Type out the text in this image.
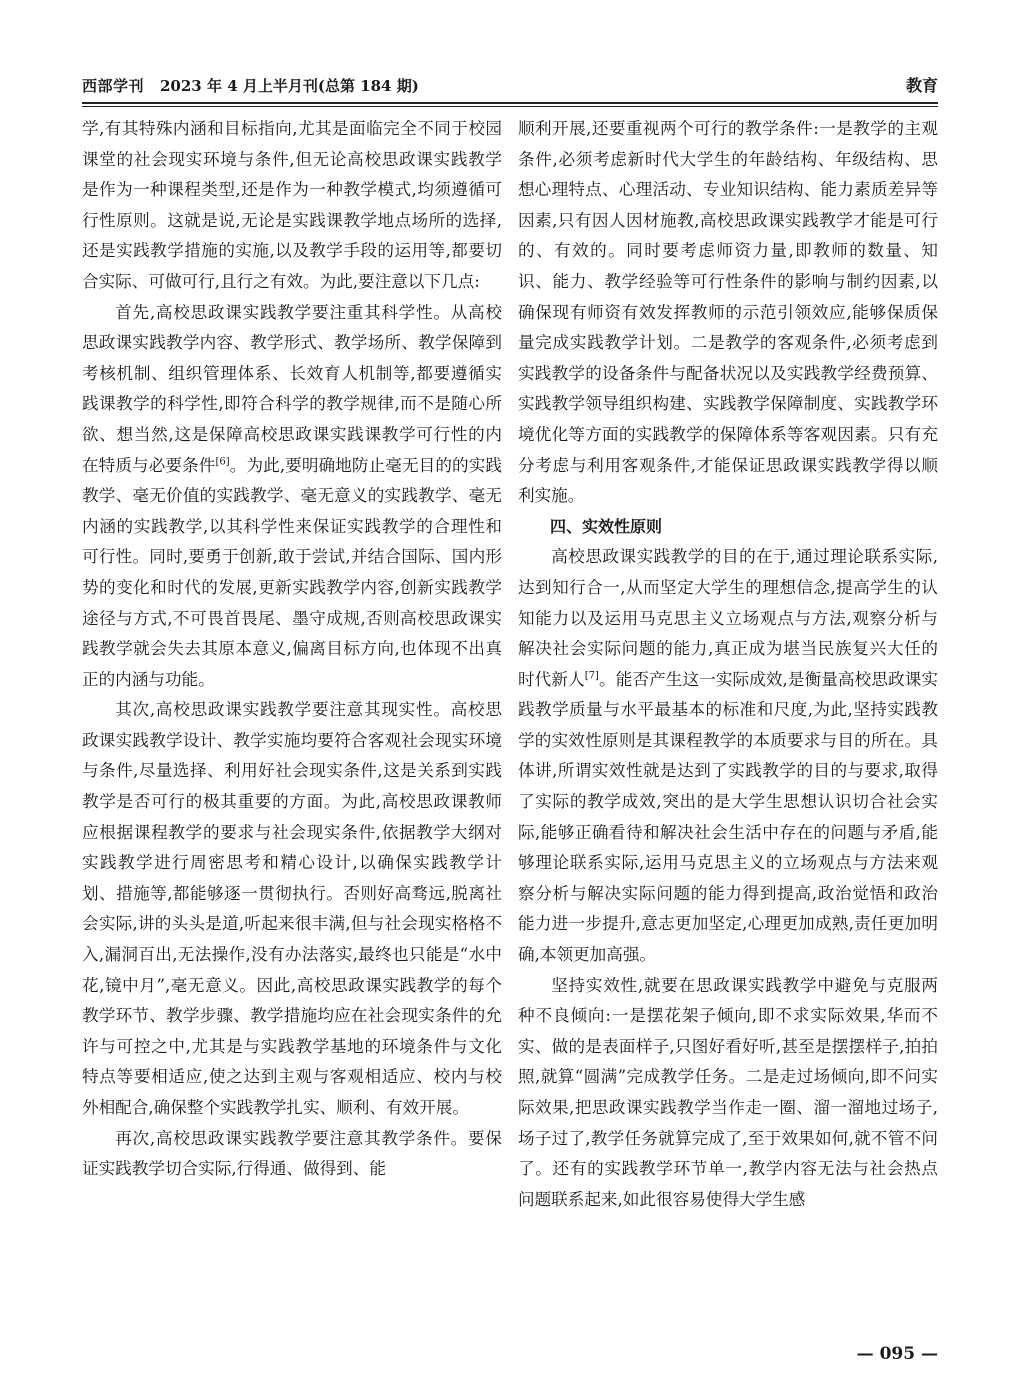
西部学刊 2023 年 4 月上半月刊(总第 184 期)	教育

学,有其特殊内涵和目标指向,尤其是面临完全不同于校园课堂的社会现实环境与条件,但无论高校思政课实践教学是作为一种课程类型,还是作为一种教学模式,均须遵循可行性原则。这就是说,无论是实践课教学地点场所的选择,还是实践教学措施的实施,以及教学手段的运用等,都要切合实际、可做可行,且行之有效。为此,要注意以下几点:

首先,高校思政课实践教学要注重其科学性。从高校思政课实践教学内容、教学形式、教学场所、教学保障到考核机制、组织管理体系、长效育人机制等,都要遵循实践课教学的科学性,即符合科学的教学规律,而不是随心所欲、想当然,这是保障高校思政课实践课教学可行性的内在特质与必要条件[6]。为此,要明确地防止毫无目的的实践教学、毫无价值的实践教学、毫无意义的实践教学、毫无内涵的实践教学,以其科学性来保证实践教学的合理性和可行性。同时,要勇于创新,敢于尝试,并结合国际、国内形势的变化和时代的发展,更新实践教学内容,创新实践教学途径与方式,不可畏首畏尾、墨守成规,否则高校思政课实践教学就会失去其原本意义,偏离目标方向,也体现不出真正的内涵与功能。

其次,高校思政课实践教学要注意其现实性。高校思政课实践教学设计、教学实施均要符合客观社会现实环境与条件,尽量选择、利用好社会现实条件,这是关系到实践教学是否可行的极其重要的方面。为此,高校思政课教师应根据课程教学的要求与社会现实条件,依据教学大纲对实践教学进行周密思考和精心设计,以确保实践教学计划、措施等,都能够逐一贯彻执行。否则好高骛远,脱离社会实际,讲的头头是道,听起来很丰满,但与社会现实格格不入,漏洞百出,无法操作,没有办法落实,最终也只能是“水中花,镜中月”,毫无意义。因此,高校思政课实践教学的每个教学环节、教学步骤、教学措施均应在社会现实条件的允许与可控之中,尤其是与实践教学基地的环境条件与文化特点等要相适应,使之达到主观与客观相适应、校内与校外相配合,确保整个实践教学扎实、顺利、有效开展。

再次,高校思政课实践教学要注意其教学条件。要保证实践教学切合实际,行得通、做得到、能

顺利开展,还要重视两个可行的教学条件:一是教学的主观条件,必须考虑新时代大学生的年龄结构、年级结构、思想心理特点、心理活动、专业知识结构、能力素质差异等因素,只有因人因材施教,高校思政课实践教学才能是可行的、有效的。同时要考虑师资力量,即教师的数量、知识、能力、教学经验等可行性条件的影响与制约因素,以确保现有师资有效发挥教师的示范引领效应,能够保质保量完成实践教学计划。二是教学的客观条件,必须考虑到实践教学的设备条件与配备状况以及实践教学经费预算、实践教学领导组织构建、实践教学保障制度、实践教学环境优化等方面的实践教学的保障体系等客观因素。只有充分考虑与利用客观条件,才能保证思政课实践教学得以顺利实施。

四、实效性原则

高校思政课实践教学的目的在于,通过理论联系实际,达到知行合一,从而坚定大学生的理想信念,提高学生的认知能力以及运用马克思主义立场观点与方法,观察分析与解决社会实际问题的能力,真正成为堪当民族复兴大任的时代新人[7]。能否产生这一实际成效,是衡量高校思政课实践教学质量与水平最基本的标准和尺度,为此,坚持实践教学的实效性原则是其课程教学的本质要求与目的所在。具体讲,所谓实效性就是达到了实践教学的目的与要求,取得了实际的教学成效,突出的是大学生思想认识切合社会实际,能够正确看待和解决社会生活中存在的问题与矛盾,能够理论联系实际,运用马克思主义的立场观点与方法来观察分析与解决实际问题的能力得到提高,政治觉悟和政治能力进一步提升,意志更加坚定,心理更加成熟,责任更加明确,本领更加高强。

坚持实效性,就要在思政课实践教学中避免与克服两种不良倾向:一是摆花架子倾向,即不求实际效果,华而不实、做的是表面样子,只图好看好听,甚至是摆摆样子,拍拍照,就算“圆满”完成教学任务。二是走过场倾向,即不问实际效果,把思政课实践教学当作走一圈、溜一溜地过场子,场子过了,教学任务就算完成了,至于效果如何,就不管不问了。还有的实践教学环节单一,教学内容无法与社会热点问题联系起来,如此很容易使得大学生感

— 095 —
